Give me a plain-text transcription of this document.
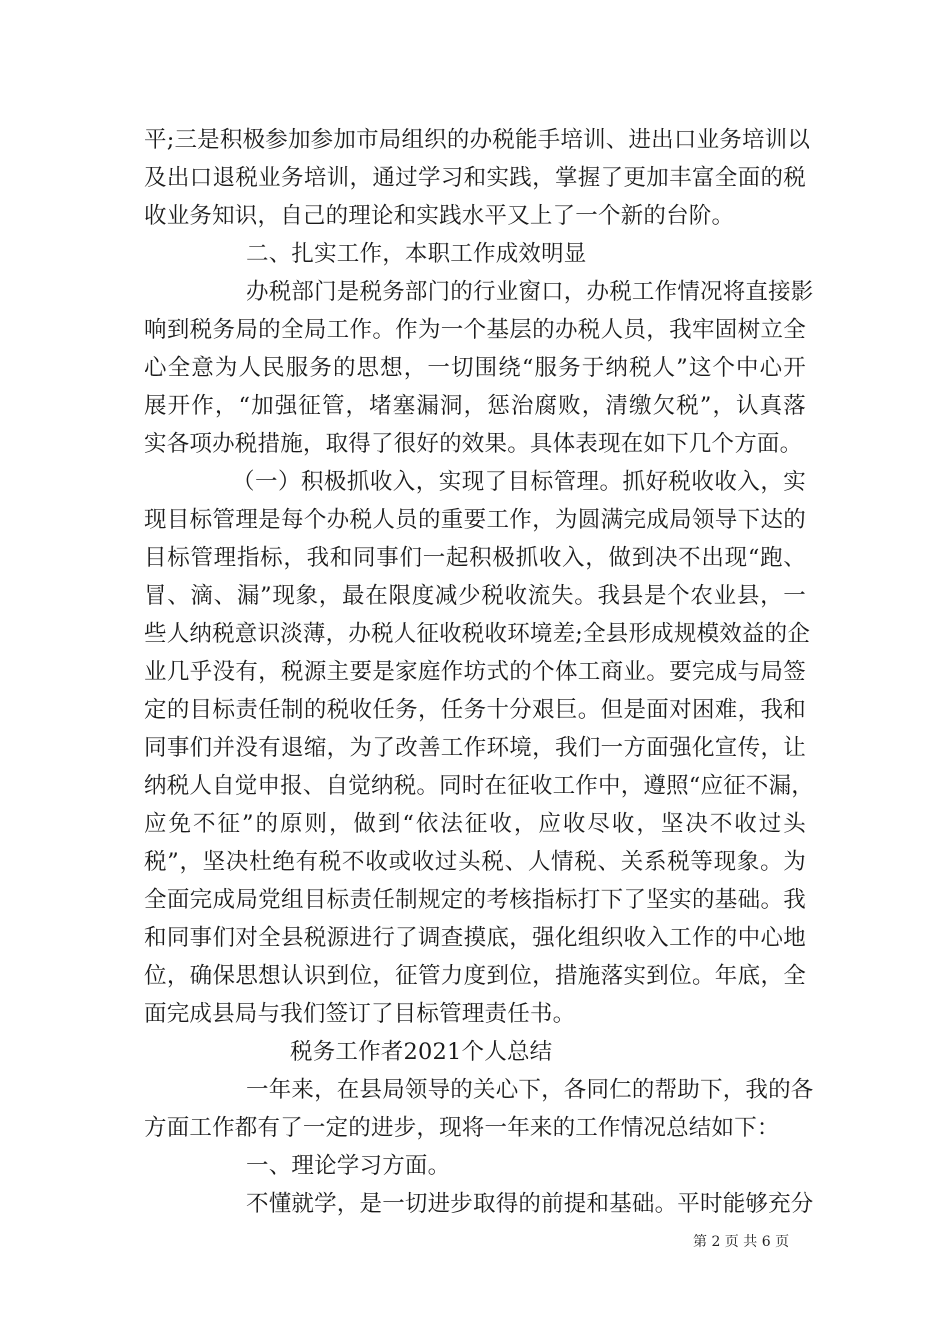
平;三是积极参加参加市局组织的办税能手培训、进出口业务培训以
及出口退税业务培训，通过学习和实践，掌握了更加丰富全面的税
收业务知识，自己的理论和实践水平又上了一个新的台阶。
二、扎实工作，本职工作成效明显
办税部门是税务部门的行业窗口，办税工作情况将直接影
响到税务局的全局工作。作为一个基层的办税人员，我牢固树立全
心全意为人民服务的思想，一切围绕“服务于纳税人”这个中心开
展开作，“加强征管，堵塞漏洞，惩治腐败，清缴欠税”，认真落
实各项办税措施，取得了很好的效果。具体表现在如下几个方面。
（一）积极抓收入，实现了目标管理。抓好税收收入，实
现目标管理是每个办税人员的重要工作，为圆满完成局领导下达的
目标管理指标，我和同事们一起积极抓收入，做到决不出现“跑、
冒、滴、漏”现象，最在限度减少税收流失。我县是个农业县，一
些人纳税意识淡薄，办税人征收税收环境差;全县形成规模效益的企
业几乎没有，税源主要是家庭作坊式的个体工商业。要完成与局签
定的目标责任制的税收任务，任务十分艰巨。但是面对困难，我和
同事们并没有退缩，为了改善工作环境，我们一方面强化宣传，让
纳税人自觉申报、自觉纳税。同时在征收工作中，遵照“应征不漏，
应免不征”的原则，做到“依法征收，应收尽收，坚决不收过头
税”，坚决杜绝有税不收或收过头税、人情税、关系税等现象。为
全面完成局党组目标责任制规定的考核指标打下了坚实的基础。我
和同事们对全县税源进行了调查摸底，强化组织收入工作的中心地
位，确保思想认识到位，征管力度到位，措施落实到位。年底，全
面完成县局与我们签订了目标管理责任书。
税务工作者2021个人总结
一年来，在县局领导的关心下，各同仁的帮助下，我的各
方面工作都有了一定的进步，现将一年来的工作情况总结如下：
一、理论学习方面。
不懂就学，是一切进步取得的前提和基础。平时能够充分
第 2 页 共 6 页
